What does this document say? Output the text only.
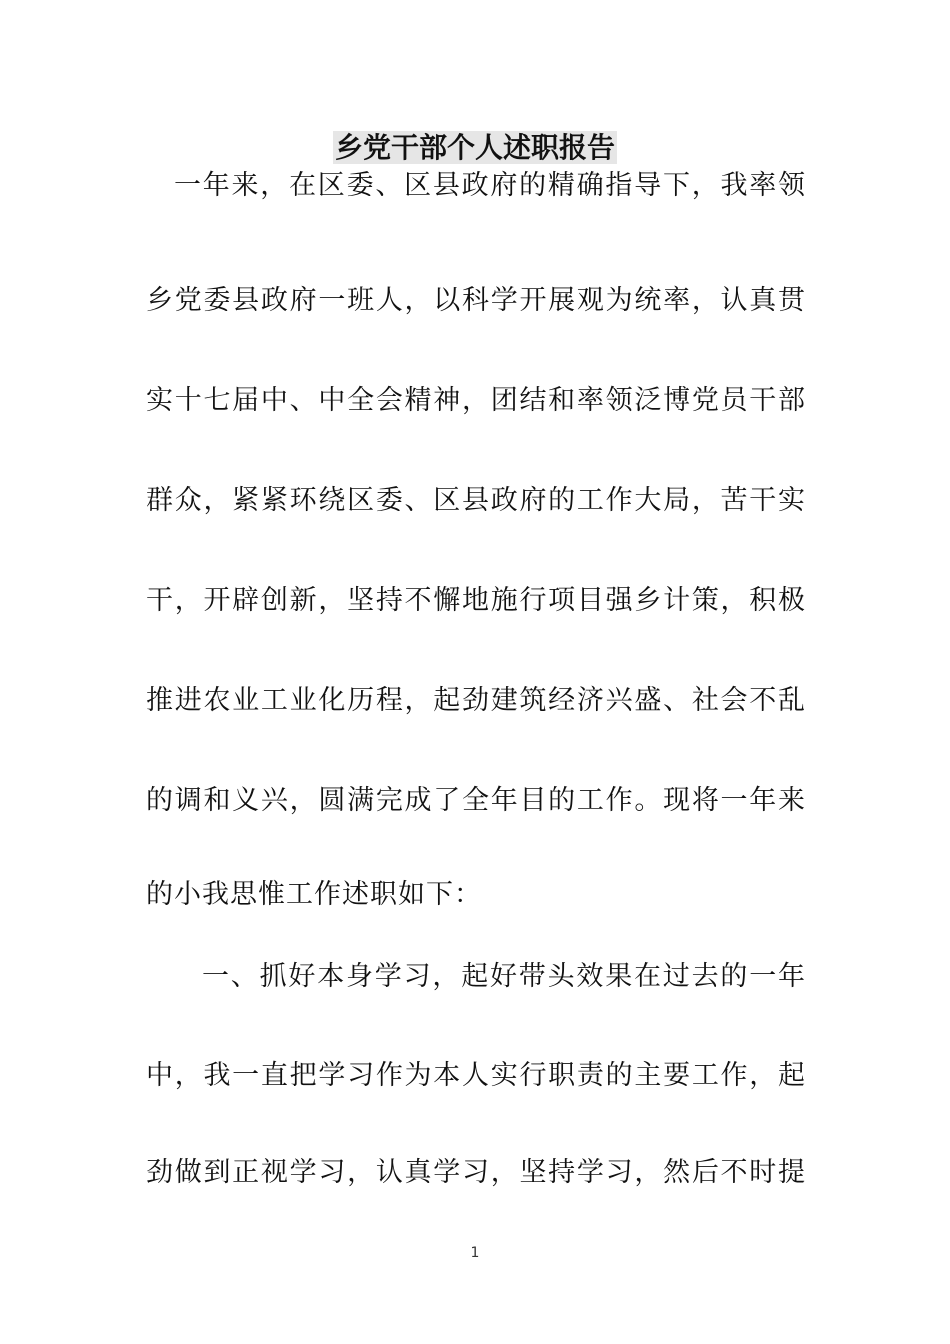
乡党干部个人述职报告
一年来，在区委、区县政府的精确指导下，我率领
乡党委县政府一班人，以科学开展观为统率，认真贯
实十七届中、中全会精神，团结和率领泛博党员干部
群众，紧紧环绕区委、区县政府的工作大局，苦干实
干，开辟创新，坚持不懈地施行项目强乡计策，积极
推进农业工业化历程，起劲建筑经济兴盛、社会不乱
的调和义兴，圆满完成了全年目的工作。现将一年来
的小我思惟工作述职如下：
一、抓好本身学习，起好带头效果在过去的一年
中，我一直把学习作为本人实行职责的主要工作，起
劲做到正视学习，认真学习，坚持学习，然后不时提
1
